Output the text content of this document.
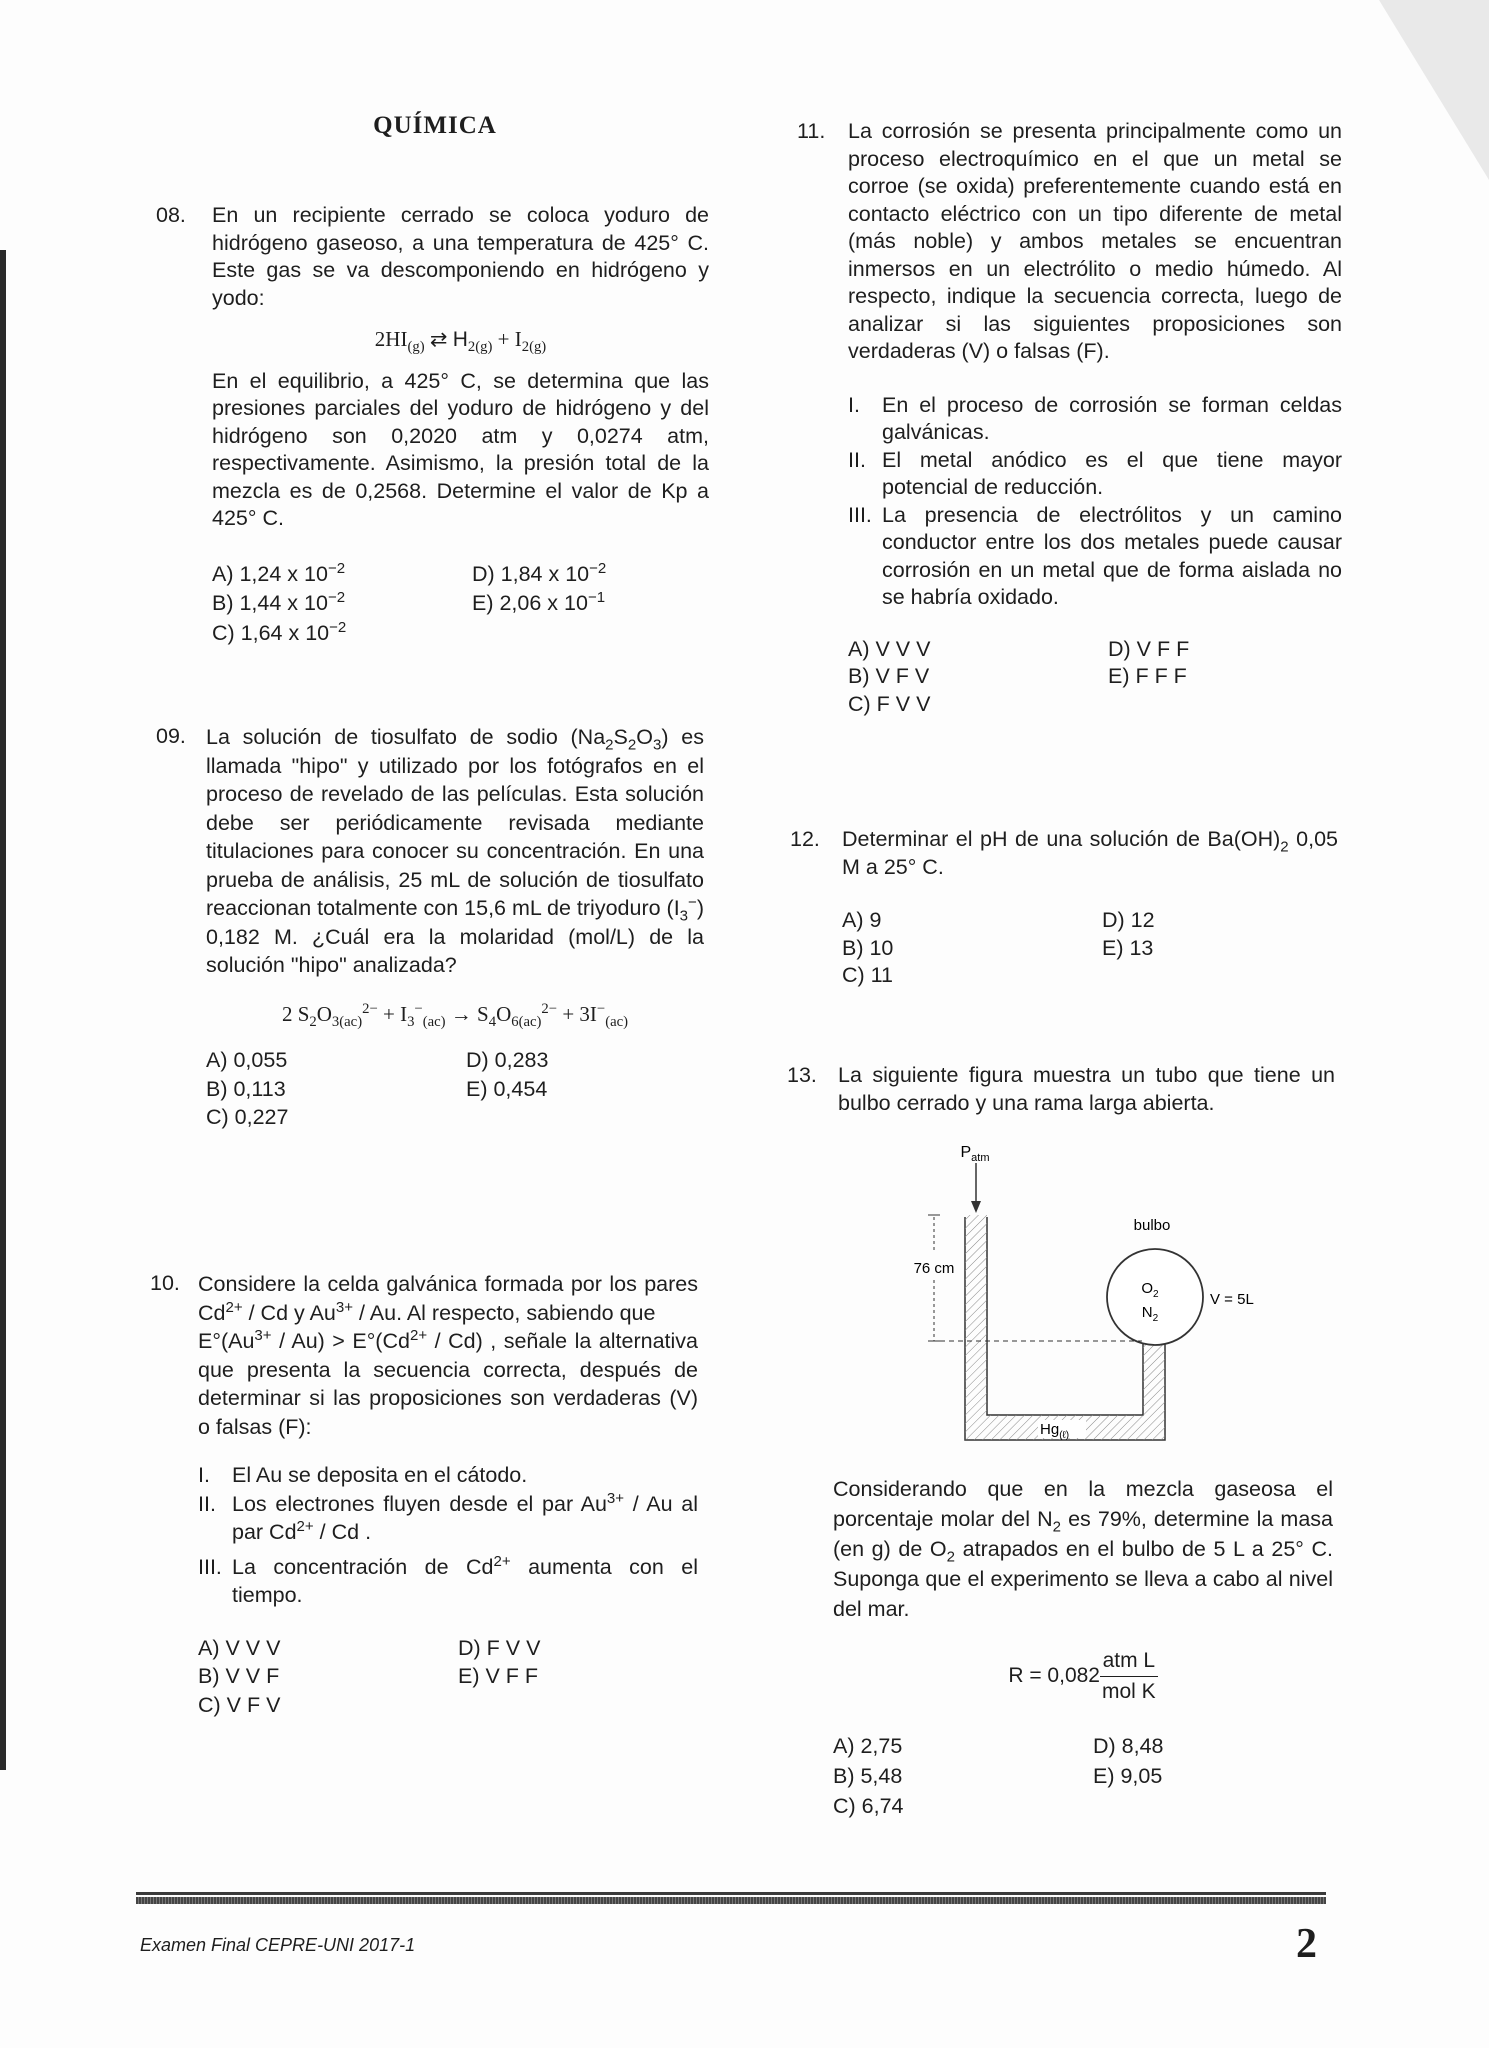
QUÍMICA
08. En un recipiente cerrado se coloca yoduro de hidrógeno gaseoso, a una temperatura de 425° C. Este gas se va descomponiendo en hidrógeno y yodo:

$2HI_{(g)}$ ⇄ $H_{2(g)} + I_{2(g)}$

En el equilibrio, a 425° C, se determina que las presiones parciales del yoduro de hidrógeno y del hidrógeno son 0,2020 atm y 0,0274 atm, respectivamente. Asimismo, la presión total de la mezcla es de 0,2568. Determine el valor de Kp a 425° C.

A) 1,24 x $10^{-2}$	D) 1,84 x $10^{-2}$
B) 1,44 x $10^{-2}$	E) 2,06 x $10^{-1}$
C) 1,64 x $10^{-2}$
09. La solución de tiosulfato de sodio $(Na_2S_2O_3)$ es llamada "hipo" y utilizado por los fotógrafos en el proceso de revelado de las películas. Esta solución debe ser periódicamente revisada mediante titulaciones para conocer su concentración. En una prueba de análisis, 25 mL de solución de tiosulfato reaccionan totalmente con 15,6 mL de triyoduro $(I_3^-)$ 0,182 M. ¿Cuál era la molaridad (mol/L) de la solución "hipo" analizada?

2 $S_2O_{3(ac)}^{2-} + I_3^-_{(ac)} \to S_4O_{6(ac)}^{2-} + 3I^-_{(ac)}$
A) 0,055	D) 0,283
B) 0,113	E) 0,454
C) 0,227
10. Considere la celda galvánica formada por los pares $Cd^{2+}$ / Cd y $Au^{3+}$ / Au. Al respecto, sabiendo que

$E^\circ(Au^{3+} / Au) > E^\circ(Cd^{2+} / Cd)$ , señale la alternativa que presenta la secuencia correcta, después de determinar si las proposiciones son verdaderas (V) o falsas (F):

I.	El Au se deposita en el cátodo.
II. Los electrones fluyen desde el par $Au^{3+}$ / Au al par $Cd^{2+}$ / Cd .
III. La concentración de $Cd^{2+}$ aumenta con el tiempo.
A) V V V	D) F V V
B) V V F	E) V F F
C) V F V
11. La corrosión se presenta principalmente como un proceso electroquímico en el que un metal se corroe (se oxida) preferentemente cuando está en contacto eléctrico con un tipo diferente de metal (más noble) y ambos metales se encuentran inmersos en un electrólito o medio húmedo. Al respecto, indique la secuencia correcta, luego de analizar si las siguientes proposiciones son verdaderas (V) o falsas (F).

I.	En el proceso de corrosión se forman celdas galvánicas.
II. El metal anódico es el que tiene mayor potencial de reducción.
III. La presencia de electrólitos y un camino conductor entre los dos metales puede causar corrosión en un metal que de forma aislada no se habría oxidado.
A) V V V	D) V F F
B) V F V	E) F F F
C) F V V
12. Determinar el pH de una solución de $Ba(OH)_2$ 0,05 M a 25° C.

A) 9	D) 12
B) 10	E) 13
C) 11
13. La siguiente figura muestra un tubo que tiene un bulbo cerrado y una rama larga abierta.

$P_{atm}$
76 cm
bulbo
$O_2$
$N_2$
V = 5L
$Hg_{(\ell)}$

Considerando que en la mezcla gaseosa el porcentaje molar del $N_2$ es 79%, determine la masa (en g) de $O_2$ atrapados en el bulbo de 5 L a 25° C. Suponga que el experimento se lleva a cabo al nivel del mar.

$R = 0,082 \frac{\text{atm L}}{\text{mol K}}$
A) 2,75	D) 8,48
B) 5,48	E) 9,05
C) 6,74
Examen Final CEPRE-UNI 2017-1	2
